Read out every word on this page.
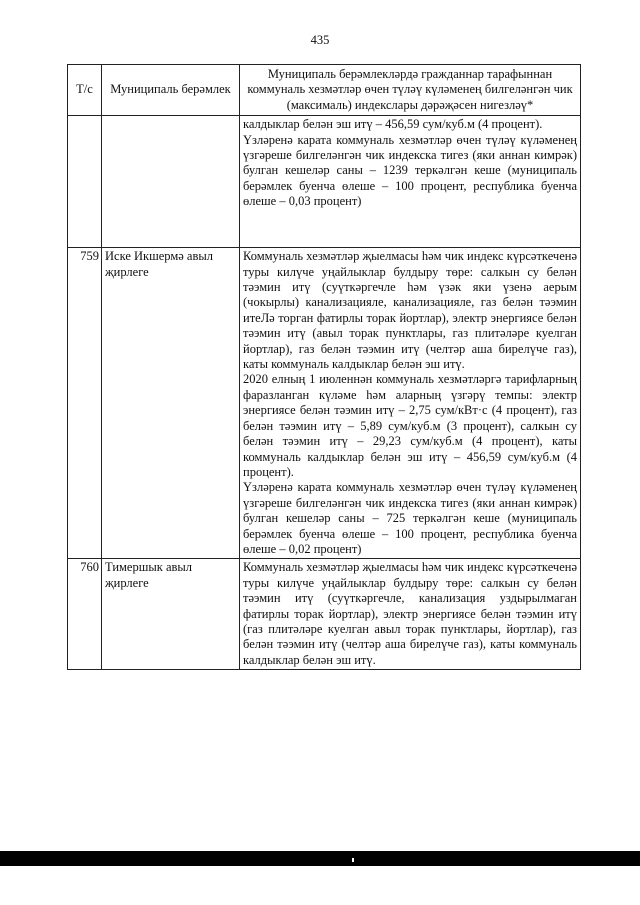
435
Т/с	Муниципаль берәмлек	Муниципаль берәмлекләрдә гражданнар тарафыннан коммуналь хезмәтләр өчен түләү күләменең билгеләнгән чик (максималь) индекслары дәрәҗәсен нигезләү*

		калдыклар белән эш итү – 456,59 сум/куб.м (4 процент).

Үзләренә карата коммуналь хезмәтләр өчен түләү күләменең үзгәреше билгеләнгән чик индекска тигез (яки аннан кимрәк) булган кешеләр саны – 1239 теркәлгән кеше (муниципаль берәмлек буенча өлеше – 100 процент, республика буенча өлеше – 0,03 процент)

759	Иске Икшермә авыл җирлеге	Коммуналь хезмәтләр җыелмасы һәм чик индекс күрсәткеченә туры килүче уңайлыклар булдыру төре: салкын су белән тәэмин итү (суүткәргечле һәм үзәк яки үзенә аерым (чокырлы) канализацияле, канализацияле, газ белән тәэмин итеЛә торган фатирлы торак йортлар), электр энергиясе белән тәэмин итү (авыл торак пунктлары, газ плитәләре куелган йортлар), газ белән тәэмин итү (челтәр аша бирелүче газ), каты коммуналь калдыклар белән эш итү.

2020 елның 1 июленнән коммуналь хезмәтләргә тарифларның фаразланган күләме һәм аларның үзгәрү темпы: электр энергиясе белән тәэмин итү – 2,75 сум/кВт·с (4 процент), газ белән тәэмин итү – 5,89 сум/куб.м (3 процент), салкын су белән тәэмин итү – 29,23 сум/куб.м (4 процент), каты коммуналь калдыклар белән эш итү – 456,59 сум/куб.м (4 процент).

Үзләренә карата коммуналь хезмәтләр өчен түләү күләменең үзгәреше билгеләнгән чик индекска тигез (яки аннан кимрәк) булган кешеләр саны – 725 теркәлгән кеше (муниципаль берәмлек буенча өлеше – 100 процент, республика буенча өлеше – 0,02 процент)

760	Тимершык авыл җирлеге	Коммуналь хезмәтләр җыелмасы һәм чик индекс күрсәткеченә туры килүче уңайлыклар булдыру төре: салкын су белән тәэмин итү (суүткәргечле, канализация уздырылмаган фатирлы торак йортлар), электр энергиясе белән тәэмин итү (газ плитәләре куелган авыл торак пунктлары, йортлар), газ белән тәэмин итү (челтәр аша бирелүче газ), каты коммуналь калдыклар белән эш итү.
